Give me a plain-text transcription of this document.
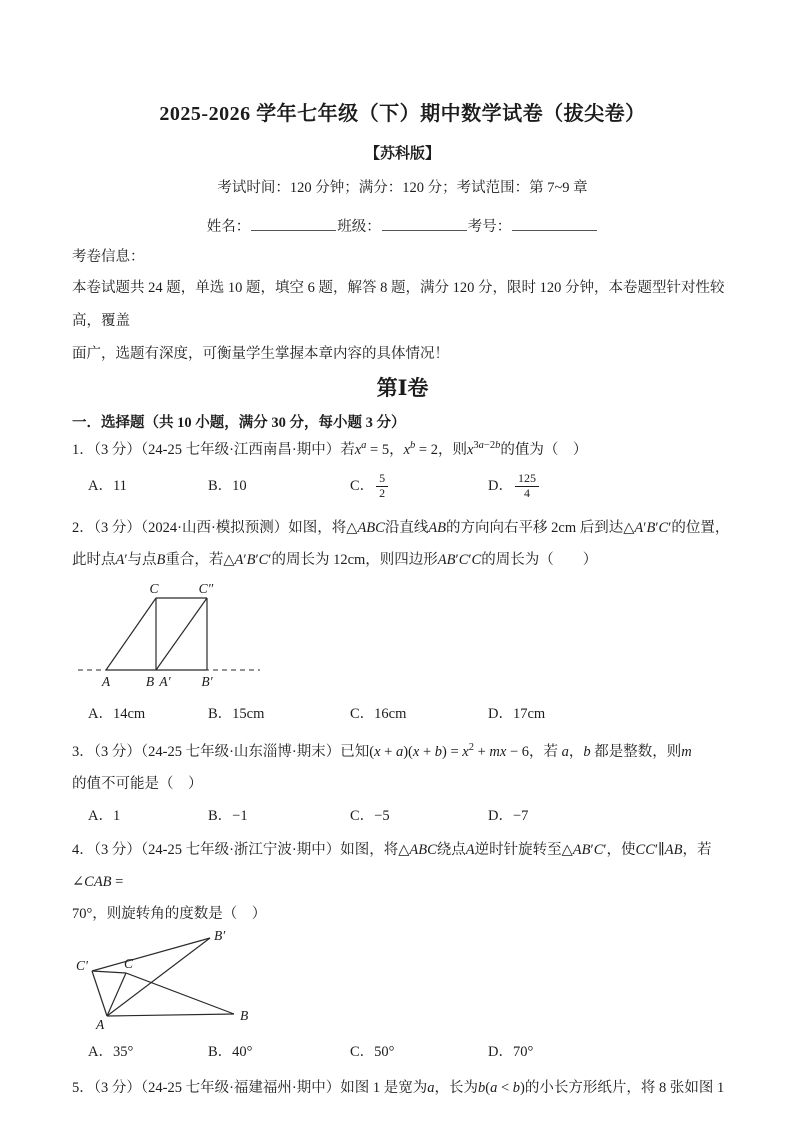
2025-2026 学年七年级（下）期中数学试卷（拔尖卷）
【苏科版】
考试时间：120 分钟；满分：120 分；考试范围：第 7~9 章
姓名：	班级：	考号：
考卷信息：
本卷试题共 24 题，单选 10 题，填空 6 题，解答 8 题，满分 120 分，限时 120 分钟，本卷题型针对性较高，覆盖
面广，选题有深度，可衡量学生掌握本章内容的具体情况！
第Ⅰ卷
一．选择题（共 10 小题，满分 30 分，每小题 3 分）
1．（3 分）（24-25 七年级·江西南昌·期中）若$x^a = 5$，$x^b = 2$，则$x^{3a-2b}$的值为（　）
A．11	B．10	C． $\frac{5}{2}$	D． $\frac{125}{4}$
2．（3 分）（2024·山西·模拟预测）如图，将△ABC沿直线AB的方向向右平移 2cm 后到达△A′B′C′的位置，
此时点A′与点B重合，若△A′B′C′的周长为 12cm，则四边形AB′C′C的周长为（　　）
C	C″
A	B A′ B′
A．14cm	B．15cm	C．16cm	D．17cm
3．（3 分）（24-25 七年级·山东淄博·期末）已知$(x + a)(x + b) = x^2$ + mx − 6，若 a，b 都是整数，则m
的值不可能是（　）
A．1	B．−1	C．−5	D．−7
4．（3 分）（24-25 七年级·浙江宁波·期中）如图，将△ABC绕点A逆时针旋转至△AB′C′，使CC′∥AB，若∠CAB =
70°，则旋转角的度数是（　）
B′
C′	C
A
B
A．35°	B．40°	C．50°	D．70°
5．（3 分）（24-25 七年级·福建福州·期中）如图 1 是宽为a，长为b(a < b)的小长方形纸片，将 8 张如图 1
